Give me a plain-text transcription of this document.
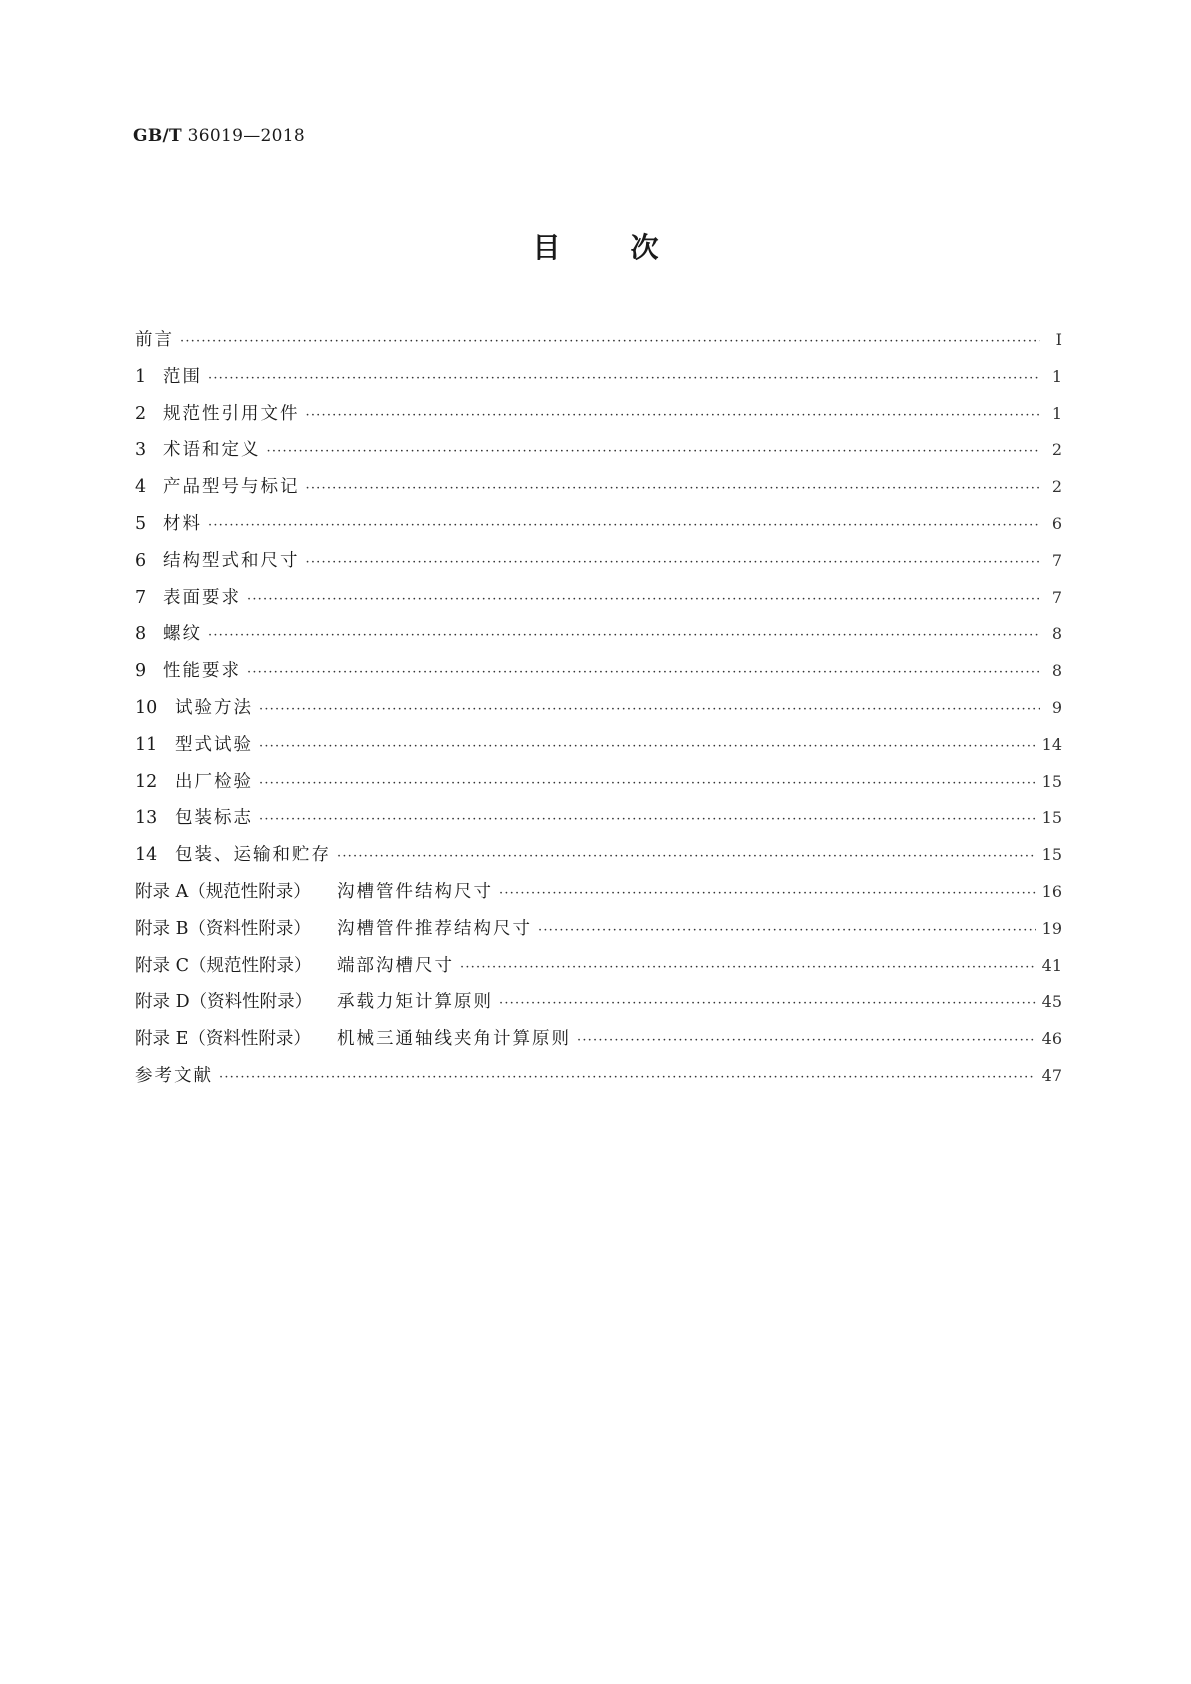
GB/T 36019—2018
目	次
前言 ·····	Ⅰ
1 范围 ·····	1
2 规范性引用文件 ·····	1
3 术语和定义 ·····	2
4 产品型号与标记 ·····	2
5 材料 ·····	6
6 结构型式和尺寸 ·····	7
7 表面要求 ·····	7
8 螺纹 ·····	8
9 性能要求 ·····	8
10	试验方法 ·····	9
11	型式试验 ·····	14
12	出厂检验 ·····	15
13	包装标志 ·····	15
14	包装、运输和贮存 ·····	15
附录 A（规范性附录）	沟槽管件结构尺寸 ·····	16
附录 B（资料性附录）	沟槽管件推荐结构尺寸 ·····	19
附录 C（规范性附录）	端部沟槽尺寸 ·····	41
附录 D（资料性附录）	承载力矩计算原则 ·····	45
附录 E（资料性附录）	机械三通轴线夹角计算原则 ·····	46
参考文献 ·····	47
